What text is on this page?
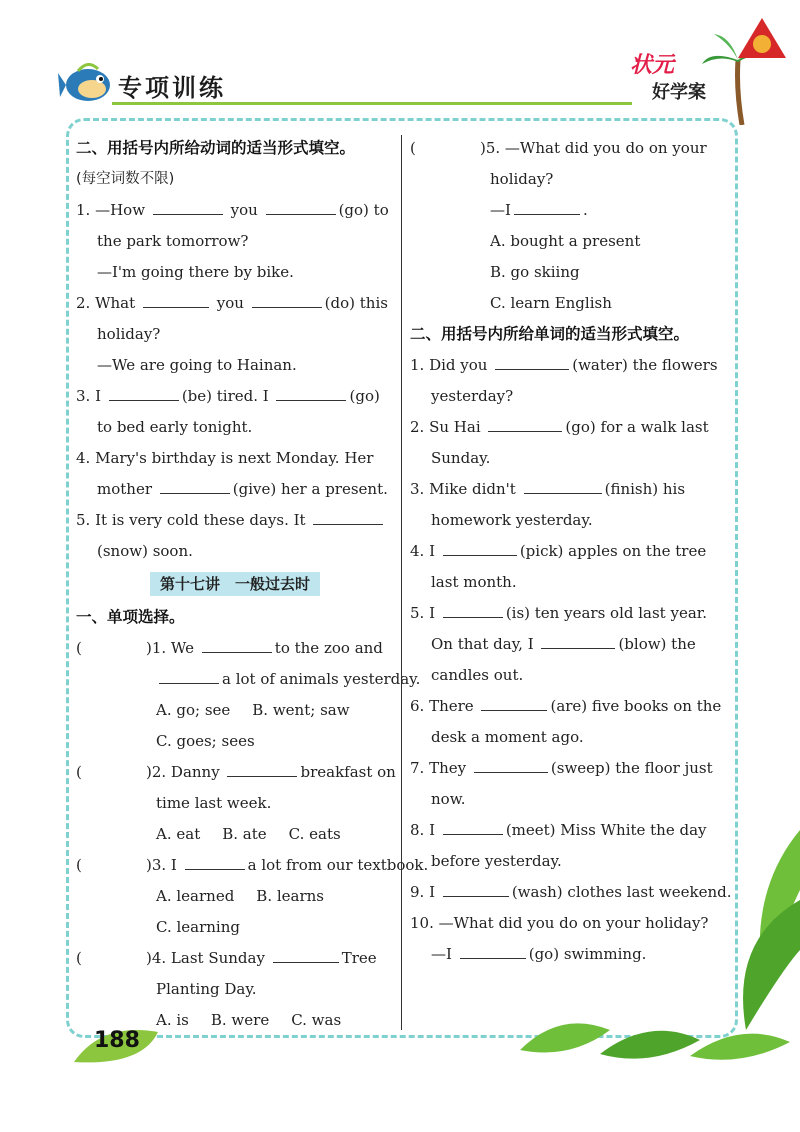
专项训练
状元
好学案
二、用括号内所给动词的适当形式填空。
(每空词数不限)
1. —How	you	(go) to
the park tomorrow?
—I'm going there by bike.
2. What	you	(do) this
holiday?
—We are going to Hainan.
3. I	(be) tired. I	(go)
to bed early tonight.
4. Mary's birthday is next Monday. Her
mother	(give) her a present.
5. It is very cold these days. It
(snow) soon.
第十七讲　一般过去时
一、单项选择。
(	)1. We	to the zoo and
a lot of animals yesterday.
A. go; see B. went; saw
C. goes; sees
(	)2. Danny	breakfast on
time last week.
A. eat B. ate C. eats
(	)3. I	a lot from our textbook.
A. learned B. learns
C. learning
(	)4. Last Sunday	Tree
Planting Day.
A. is B. were C. was
(	)5. —What did you do on your
holiday?
—I	.
A. bought a present
B. go skiing
C. learn English
二、用括号内所给单词的适当形式填空。
1. Did you	(water) the flowers
yesterday?
2. Su Hai	(go) for a walk last
Sunday.
3. Mike didn't	(finish) his
homework yesterday.
4. I	(pick) apples on the tree
last month.
5. I	(is) ten years old last year.
On that day, I	(blow) the
candles out.
6. There	(are) five books on the
desk a moment ago.
7. They	(sweep) the floor just
now.
8. I	(meet) Miss White the day
before yesterday.
9. I	(wash) clothes last weekend.
10. —What did you do on your holiday?
—I	(go) swimming.
188
